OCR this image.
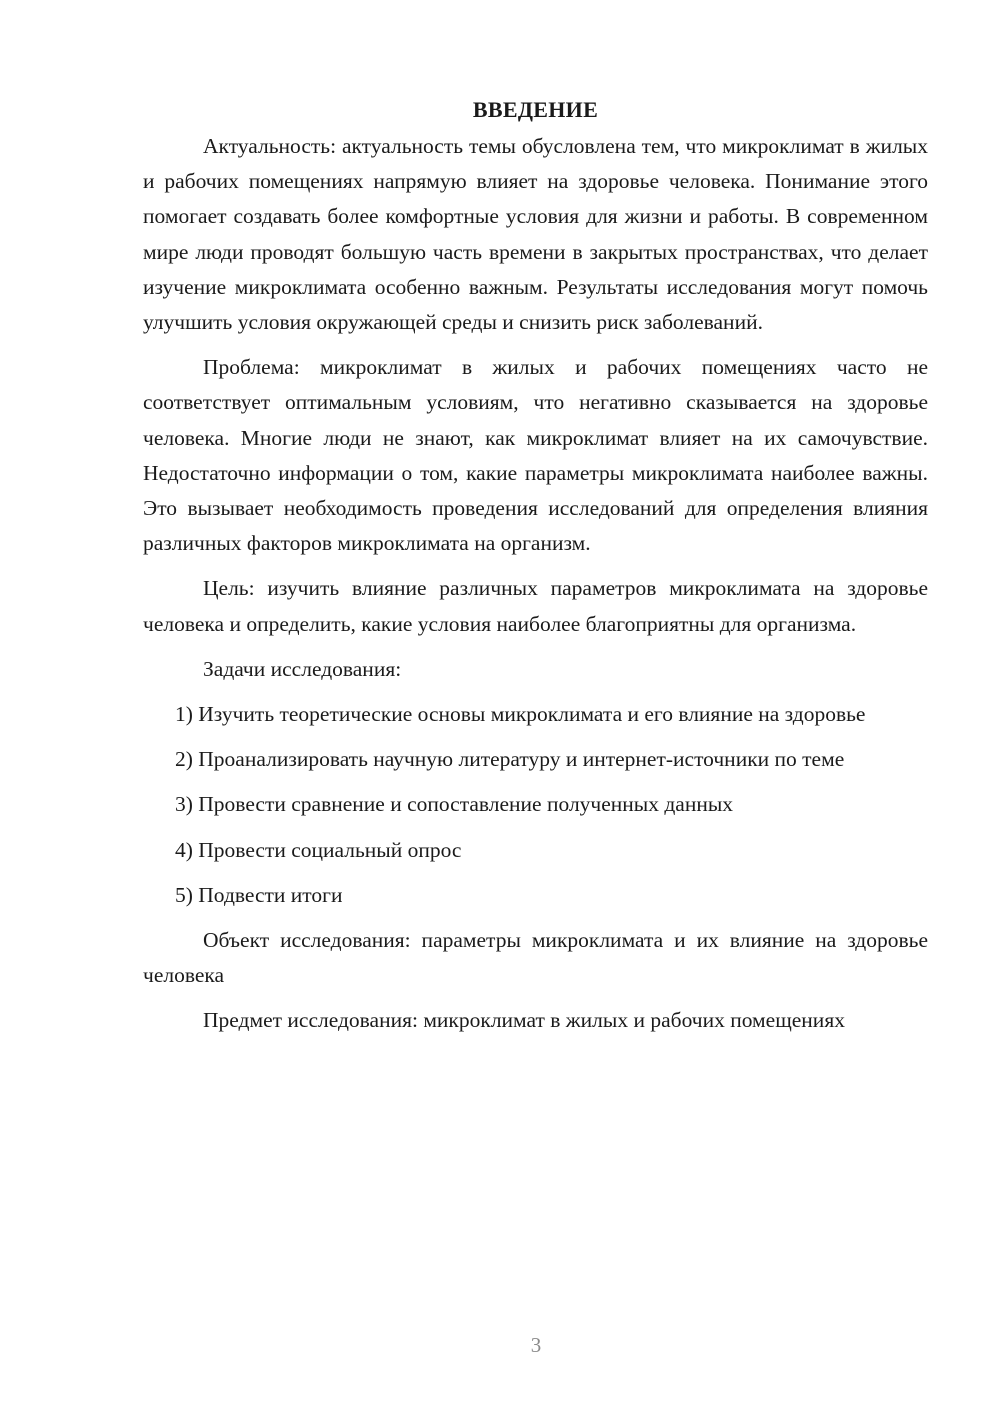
ВВЕДЕНИЕ

Актуальность: актуальность темы обусловлена тем, что микроклимат в жилых и рабочих помещениях напрямую влияет на здоровье человека. Понимание этого помогает создавать более комфортные условия для жизни и работы. В современном мире люди проводят большую часть времени в закрытых пространствах, что делает изучение микроклимата особенно важным. Результаты исследования могут помочь улучшить условия окружающей среды и снизить риск заболеваний.

Проблема: микроклимат в жилых и рабочих помещениях часто не соответствует оптимальным условиям, что негативно сказывается на здоровье человека. Многие люди не знают, как микроклимат влияет на их самочувствие. Недостаточно информации о том, какие параметры микроклимата наиболее важны. Это вызывает необходимость проведения исследований для определения влияния различных факторов микроклимата на организм.

Цель: изучить влияние различных параметров микроклимата на здоровье человека и определить, какие условия наиболее благоприятны для организма.

Задачи исследования:

1) Изучить теоретические основы микроклимата и его влияние на здоровье

2) Проанализировать научную литературу и интернет-источники по теме

3) Провести сравнение и сопоставление полученных данных

4) Провести социальный опрос

5) Подвести итоги

Объект исследования: параметры микроклимата и их влияние на здоровье человека

Предмет исследования: микроклимат в жилых и рабочих помещениях

3
